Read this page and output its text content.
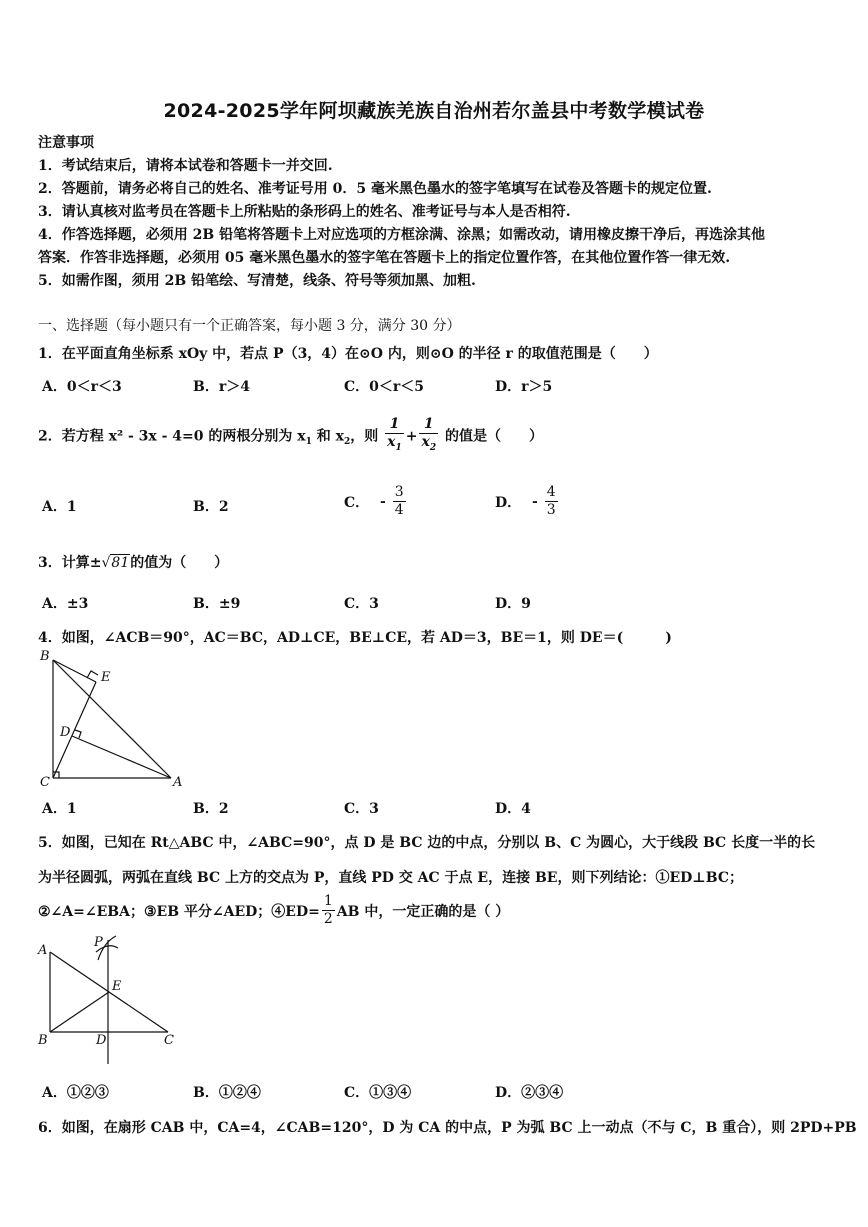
2024-2025学年阿坝藏族羌族自治州若尔盖县中考数学模试卷
注意事项
1．考试结束后，请将本试卷和答题卡一并交回.
2．答题前，请务必将自己的姓名、准考证号用 0．5 毫米黑色墨水的签字笔填写在试卷及答题卡的规定位置.
3．请认真核对监考员在答题卡上所粘贴的条形码上的姓名、准考证号与本人是否相符.
4．作答选择题，必须用 2B 铅笔将答题卡上对应选项的方框涂满、涂黑；如需改动，请用橡皮擦干净后，再选涂其他
答案．作答非选择题，必须用 05 毫米黑色墨水的签字笔在答题卡上的指定位置作答，在其他位置作答一律无效.
5．如需作图，须用 2B 铅笔绘、写清楚，线条、符号等须加黑、加粗.
一、选择题（每小题只有一个正确答案，每小题 3 分，满分 30 分）
1．在平面直角坐标系 xOy 中，若点 P（3，4）在⊙O 内，则⊙O 的半径 r 的取值范围是（　　）
A．0＜r＜3	B．r＞4	C．0＜r＜5	D．r＞5
2．若方程 x² - 3x - 4=0 的两根分别为 $x_1$ 和 $x_2$，则 $\frac{1}{x_1} + \frac{1}{x_2}$ 的值是（　　）
A．1	B．2	C． - $\frac{3}{4}$	D． - $\frac{4}{3}$
3．计算±√81的值为（　　）
A．±3	B．±9	C．3	D．9
4．如图，∠ACB＝90°，AC＝BC，AD⊥CE，BE⊥CE，若 AD＝3，BE＝1，则 DE＝(　　　)
B
E
D
C	A
A．1	B．2	C．3	D．4
5．如图，已知在 Rt△ABC 中，∠ABC=90°，点 D 是 BC 边的中点，分别以 B、C 为圆心，大于线段 BC 长度一半的长
为半径圆弧，两弧在直线 BC 上方的交点为 P，直线 PD 交 AC 于点 E，连接 BE，则下列结论：①ED⊥BC；
②∠A=∠EBA；③EB 平分∠AED；④ED= $\frac{1}{2}$ AB 中，一定正确的是（ ）
A
P
E
B	D	C
A．①②③	B．①②④	C．①③④	D．②③④
6．如图，在扇形 CAB 中，CA=4，∠CAB=120°，D 为 CA 的中点，P 为弧 BC 上一动点（不与 C，B 重合），则 2PD+PB
